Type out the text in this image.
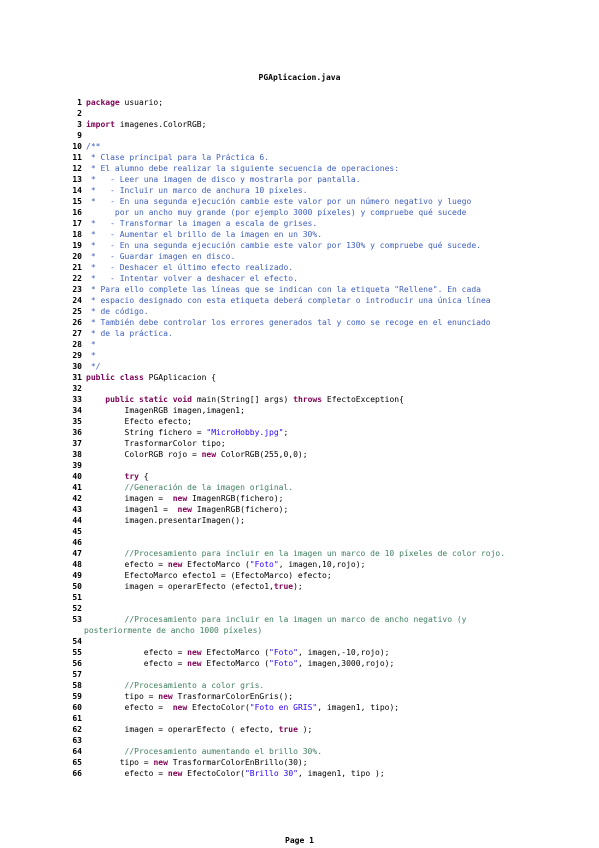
PGAplicacion.java
1 package usuario;
2
3 import imagenes.ColorRGB;
9
10 /**
11 * Clase principal para la Práctica 6.
12 * El alumno debe realizar la siguiente secuencia de operaciones:
13 *   - Leer una imagen de disco y mostrarla por pantalla.
14 *   - Incluir un marco de anchura 10 píxeles.
15 *   - En una segunda ejecución cambie este valor por un número negativo y luego
16 por un ancho muy grande (por ejemplo 3000 píxeles) y compruebe qué sucede
17 *   - Transformar la imagen a escala de grises.
18 *   - Aumentar el brillo de la imagen en un 30%.
19 *   - En una segunda ejecución cambie este valor por 130% y compruebe qué sucede.
20 *   - Guardar imagen en disco.
21 *   - Deshacer el último efecto realizado.
22 *   - Intentar volver a deshacer el efecto.
23 * Para ello complete las líneas que se indican con la etiqueta "Rellene". En cada
24 * espacio designado con esta etiqueta deberá completar o introducir una única línea
25 * de código.
26 * También debe controlar los errores generados tal y como se recoge en el enunciado
27 * de la práctica.
28 *
29 *
30 */
31 public class PGAplicacion {
32
33	public static void main(String[] args) throws EfectoException{
34 ImagenRGB imagen,imagen1;
35 Efecto efecto;
36 String fichero = "MicroHobby.jpg";
37 TrasformarColor tipo;
38 ColorRGB rojo = new ColorRGB(255,0,0);
39
40	try {
41 //Generación de la imagen original.
42 imagen =  new ImagenRGB(fichero);
43 imagen1 =  new ImagenRGB(fichero);
44 imagen.presentarImagen();
45
46
47 //Procesamiento para incluir en la imagen un marco de 10 píxeles de color rojo.
48 efecto = new EfectoMarco ("Foto", imagen,10,rojo);
49 EfectoMarco efecto1 = (EfectoMarco) efecto;
50 imagen = operarEfecto (efecto1,true);
51
52
53 //Procesamiento para incluir en la imagen un marco de ancho negativo (y
posteriormente de ancho 1000 píxeles)
54
55 efecto = new EfectoMarco ("Foto", imagen,-10,rojo);
56 efecto = new EfectoMarco ("Foto", imagen,3000,rojo);
57
58 //Procesamiento a color gris.
59 tipo = new TrasformarColorEnGris();
60 efecto =  new EfectoColor("Foto en GRIS", imagen1, tipo);
61
62 imagen = operarEfecto ( efecto, true );
63
64 //Procesamiento aumentando el brillo 30%.
65 tipo = new TrasformarColorEnBrillo(30);
66 efecto = new EfectoColor("Brillo 30", imagen1, tipo );
Page 1
